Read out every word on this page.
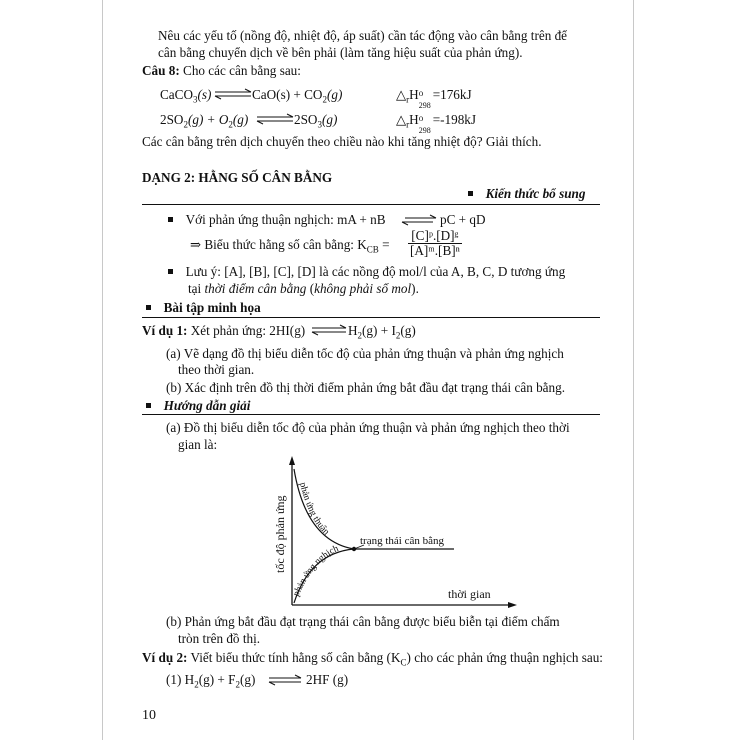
Nêu các yếu tố (nồng độ, nhiệt độ, áp suất) cần tác động vào cân bằng trên để
cân bằng chuyển dịch về bên phải (làm tăng hiệu suất của phản ứng).
Câu 8: Cho các cân bằng sau:
CaCO$_3$(s) ⇌ $CaO(s) + CO_2(g)$	$\triangle_rH$ o =176kJ
$2SO_2(g) + O_2(g)$ ⇌ $2SO_3(g)$	$\triangle_rH$ o =-198kJ
Các cân bằng trên dịch chuyển theo chiều nào khi tăng nhiệt độ? Giải thích.
DẠNG 2: HẰNG SỐ CÂN BẰNG
Kiến thức bổ sung
Với phản ứng thuận nghịch: mA + nB ⇌ pC + qD
⇒ Biểu thức hằng số cân bằng: $K_{CB} = \frac{\text{[C]ᵖ.[D]ᵍ}}{\text{[A]ᵐ.[B]ⁿ}}$
Lưu ý: [A], [B], [C], [D] là các nồng độ mol/l của A, B, C, D tương ứng
tại thời điểm cân bằng (không phải số mol).
Bài tập minh họa
Ví dụ 1: Xét phản ứng: 2HI(g) ⇌ $H_2(g) + I_2(g)$
(a) Vẽ dạng đồ thị biểu diễn tốc độ của phản ứng thuận và phản ứng nghịch
theo thời gian.
(b) Xác định trên đồ thị thời điểm phản ứng bắt đầu đạt trạng thái cân bằng.
Hướng dẫn giải
(a) Đồ thị biểu diễn tốc độ của phản ứng thuận và phản ứng nghịch theo thời
gian là:
phản ứng thuận
phản ứng nghịch
trạng thái cân bằng
thời gian
tốc độ phản ứng
(b) Phản ứng bắt đầu đạt trạng thái cân bằng được biểu biễn tại điểm chấm
tròn trên đồ thị.
Ví dụ 2: Viết biểu thức tính hằng số cân bằng $(K_C)$ cho các phản ứng thuận nghịch sau:
(1) $H_2(g) + F_2(g)$ ⇌ 2HF (g)
10
